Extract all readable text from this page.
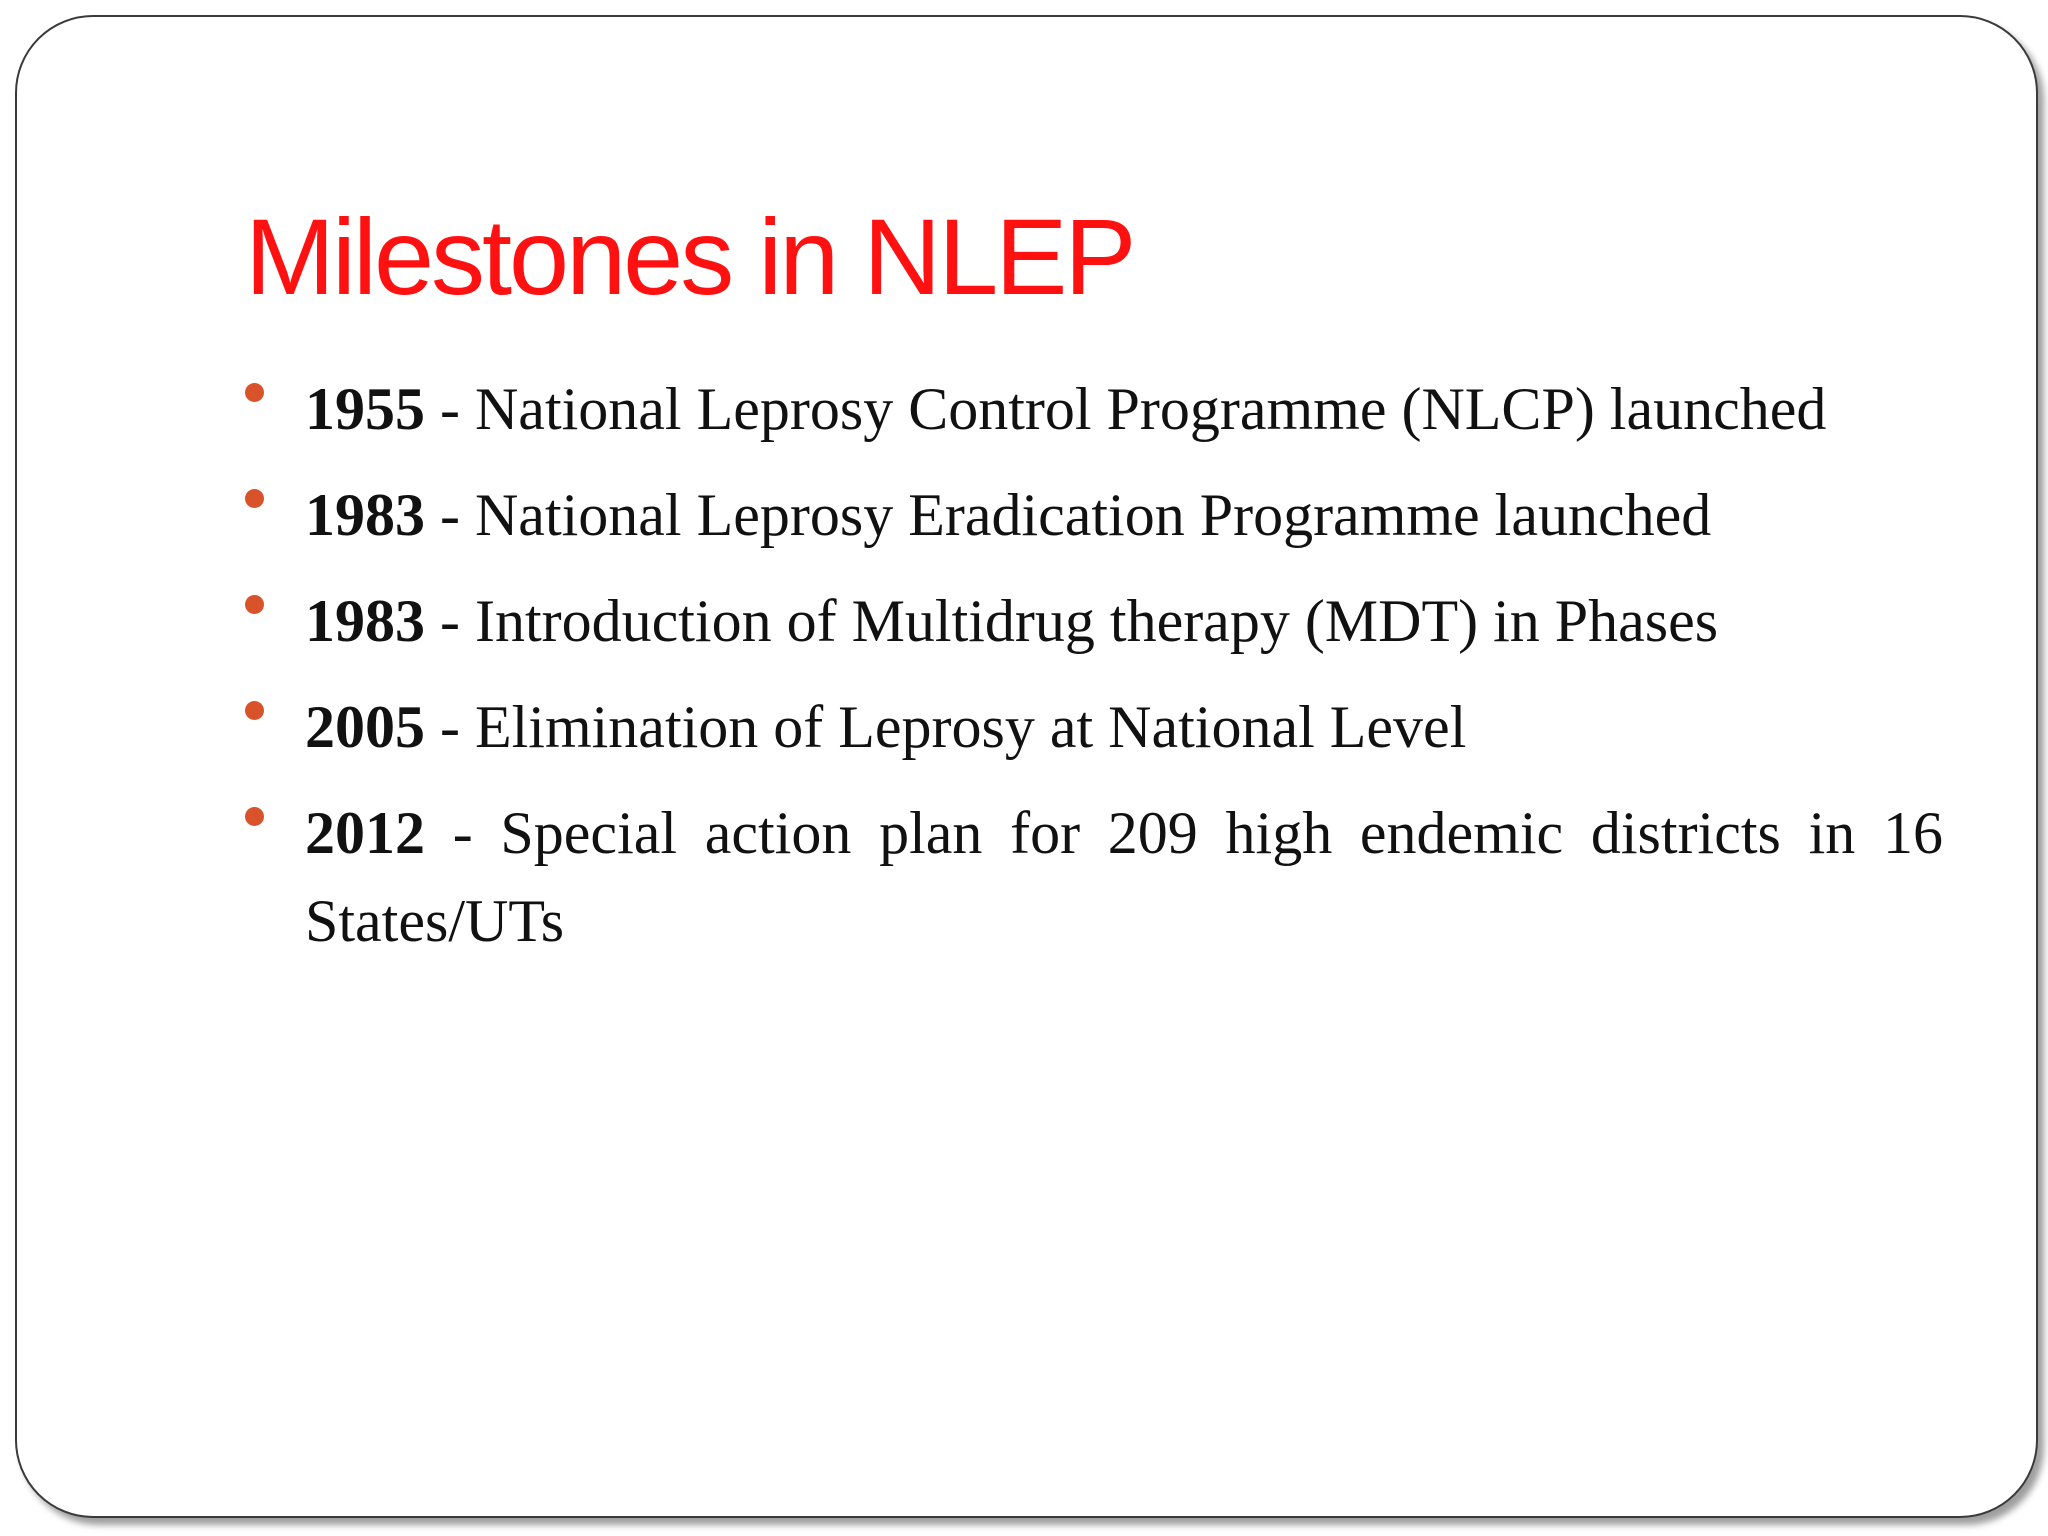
Milestones in NLEP
1955 - National Leprosy Control Programme (NLCP) launched
1983 - National Leprosy Eradication Programme launched
1983 - Introduction of Multidrug therapy (MDT) in Phases
2005 - Elimination of Leprosy at National Level
2012 - Special action plan for 209 high endemic districts in 16 States/UTs
